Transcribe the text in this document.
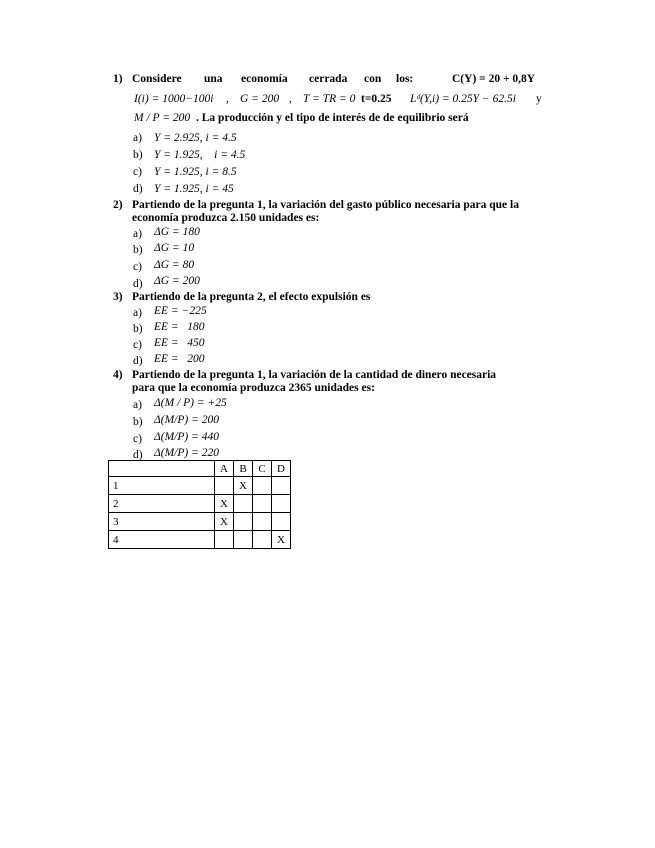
1) Considere una economía cerrada con los:	C(Y) = 20 + 0,8Y
I(i) = 1000−100i , G = 200 , T = TR = 0 t=0.25 Lᵈ(Y,i) = 0.25Y − 62.5i y
M / P = 200 . La producción y el tipo de interés de de equilibrio será
a) Y = 2.925, i = 4.5
b) Y = 1.925,    i = 4.5
c) Y = 1.925, i = 8.5
d) Y = 1.925, i = 45
2) Partiendo de la pregunta 1, la variación del gasto público necesaria para que la
economía produzca 2.150 unidades es:
a) ΔG = 180
b) ΔG = 10
c) ΔG = 80
d) ΔG = 200
3) Partiendo de la pregunta 2, el efecto expulsión es
a) EE = −225
b) EE =   180
c) EE =   450
d) EE =   200
4) Partiendo de la pregunta 1, la variación de la cantidad de dinero necesaria
para que la economía produzca 2365 unidades es:
a) Δ(M / P) = +25
b) Δ(M/P) = 200
c) Δ(M/P) = 440
d) Δ(M/P) = 220
	A	B	C	D
1		X		
2	X			
3	X			
4				X
